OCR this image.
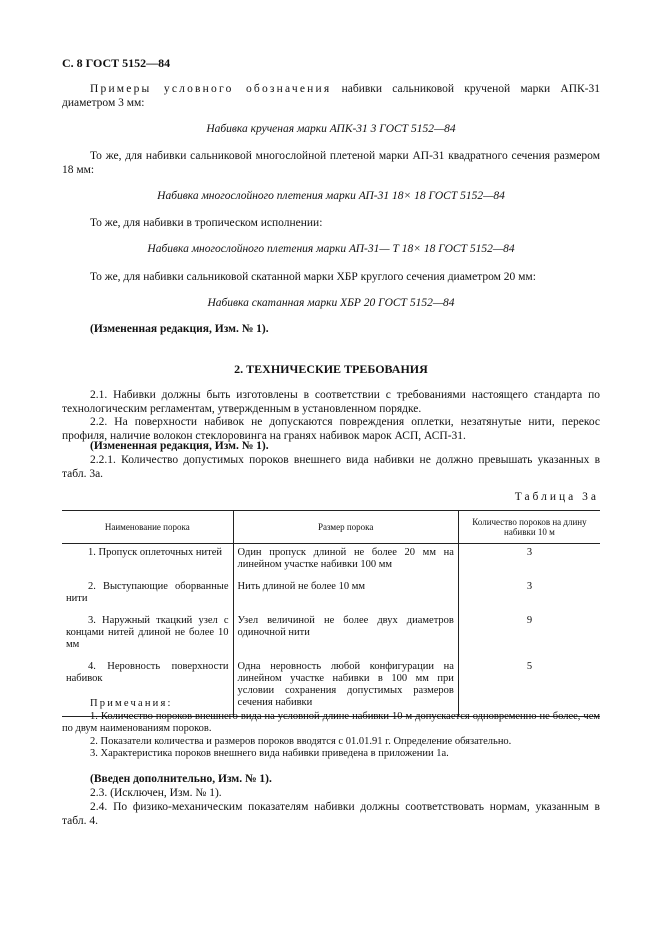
С. 8 ГОСТ 5152—84
Примеры условного обозначения набивки сальниковой крученой марки АПК-31 диаметром 3 мм:
Набивка крученая марки АПК-31 3 ГОСТ 5152—84
То же, для набивки сальниковой многослойной плетеной марки АП-31 квадратного сечения размером 18 мм:
Набивка многослойного плетения марки АП-31 18× 18 ГОСТ 5152—84
То же, для набивки в тропическом исполнении:
Набивка многослойного плетения марки АП-31— Т 18× 18 ГОСТ 5152—84
То же, для набивки сальниковой скатанной марки ХБР круглого сечения диаметром 20 мм:
Набивка скатанная марки ХБР 20 ГОСТ 5152—84
(Измененная редакция, Изм. № 1).
2. ТЕХНИЧЕСКИЕ ТРЕБОВАНИЯ
2.1. Набивки должны быть изготовлены в соответствии с требованиями настоящего стандарта по технологическим регламентам, утвержденным в установленном порядке.
2.2. На поверхности набивок не допускаются повреждения оплетки, незатянутые нити, перекос профиля, наличие волокон стеклоровинга на гранях набивок марок АСП, АСП-31.
(Измененная редакция, Изм. № 1).
2.2.1. Количество допустимых пороков внешнего вида набивки не должно превышать указанных в табл. 3а.
Таблица 3а
Наименование порока	Размер порока	Количество пороков на длину набивки 10 м
1. Пропуск оплеточных нитей	Один пропуск длиной не более 20 мм на линейном участке набивки 100 мм	3
2. Выступающие оборванные нити	Нить длиной не более 10 мм	3
3. Наружный ткацкий узел с концами нитей длиной не более 10 мм	Узел величиной не более двух диаметров одиночной нити	9
4. Неровность поверхности набивок	Одна неровность любой конфигурации на линейном участке набивки в 100 мм при условии сохранения допустимых размеров сечения набивки	5
Примечания:
1. Количество пороков внешнего вида на условной длине набивки 10 м допускается одновременно не более, чем по двум наименованиям пороков.
2. Показатели количества и размеров пороков вводятся с 01.01.91 г. Определение обязательно.
3. Характеристика пороков внешнего вида набивки приведена в приложении 1а.
(Введен дополнительно, Изм. № 1).
2.3. (Исключен, Изм. № 1).
2.4. По физико-механическим показателям набивки должны соответствовать нормам, указанным в табл. 4.
